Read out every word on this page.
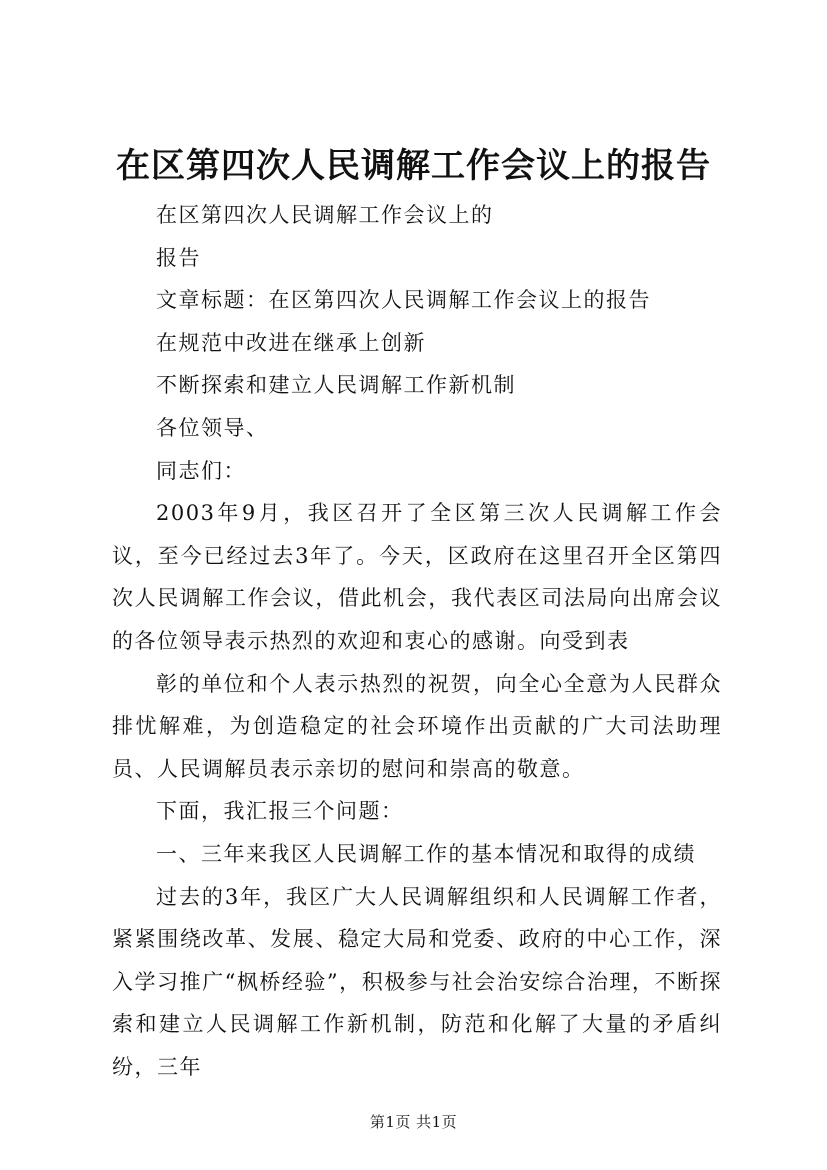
在区第四次人民调解工作会议上的报告
在区第四次人民调解工作会议上的
报告
文章标题：在区第四次人民调解工作会议上的报告
在规范中改进在继承上创新
不断探索和建立人民调解工作新机制
各位领导、
同志们：

2003年9月，我区召开了全区第三次人民调解工作会议，至今已经过去3年了。今天，区政府在这里召开全区第四次人民调解工作会议，借此机会，我代表区司法局向出席会议的各位领导表示热烈的欢迎和衷心的感谢。向受到表

彰的单位和个人表示热烈的祝贺，向全心全意为人民群众排忧解难，为创造稳定的社会环境作出贡献的广大司法助理员、人民调解员表示亲切的慰问和崇高的敬意。

下面，我汇报三个问题：

一、三年来我区人民调解工作的基本情况和取得的成绩

过去的3年，我区广大人民调解组织和人民调解工作者，紧紧围绕改革、发展、稳定大局和党委、政府的中心工作，深入学习推广“枫桥经验”，积极参与社会治安综合治理，不断探索和建立人民调解工作新机制，防范和化解了大量的矛盾纠纷，三年

第1页 共1页
